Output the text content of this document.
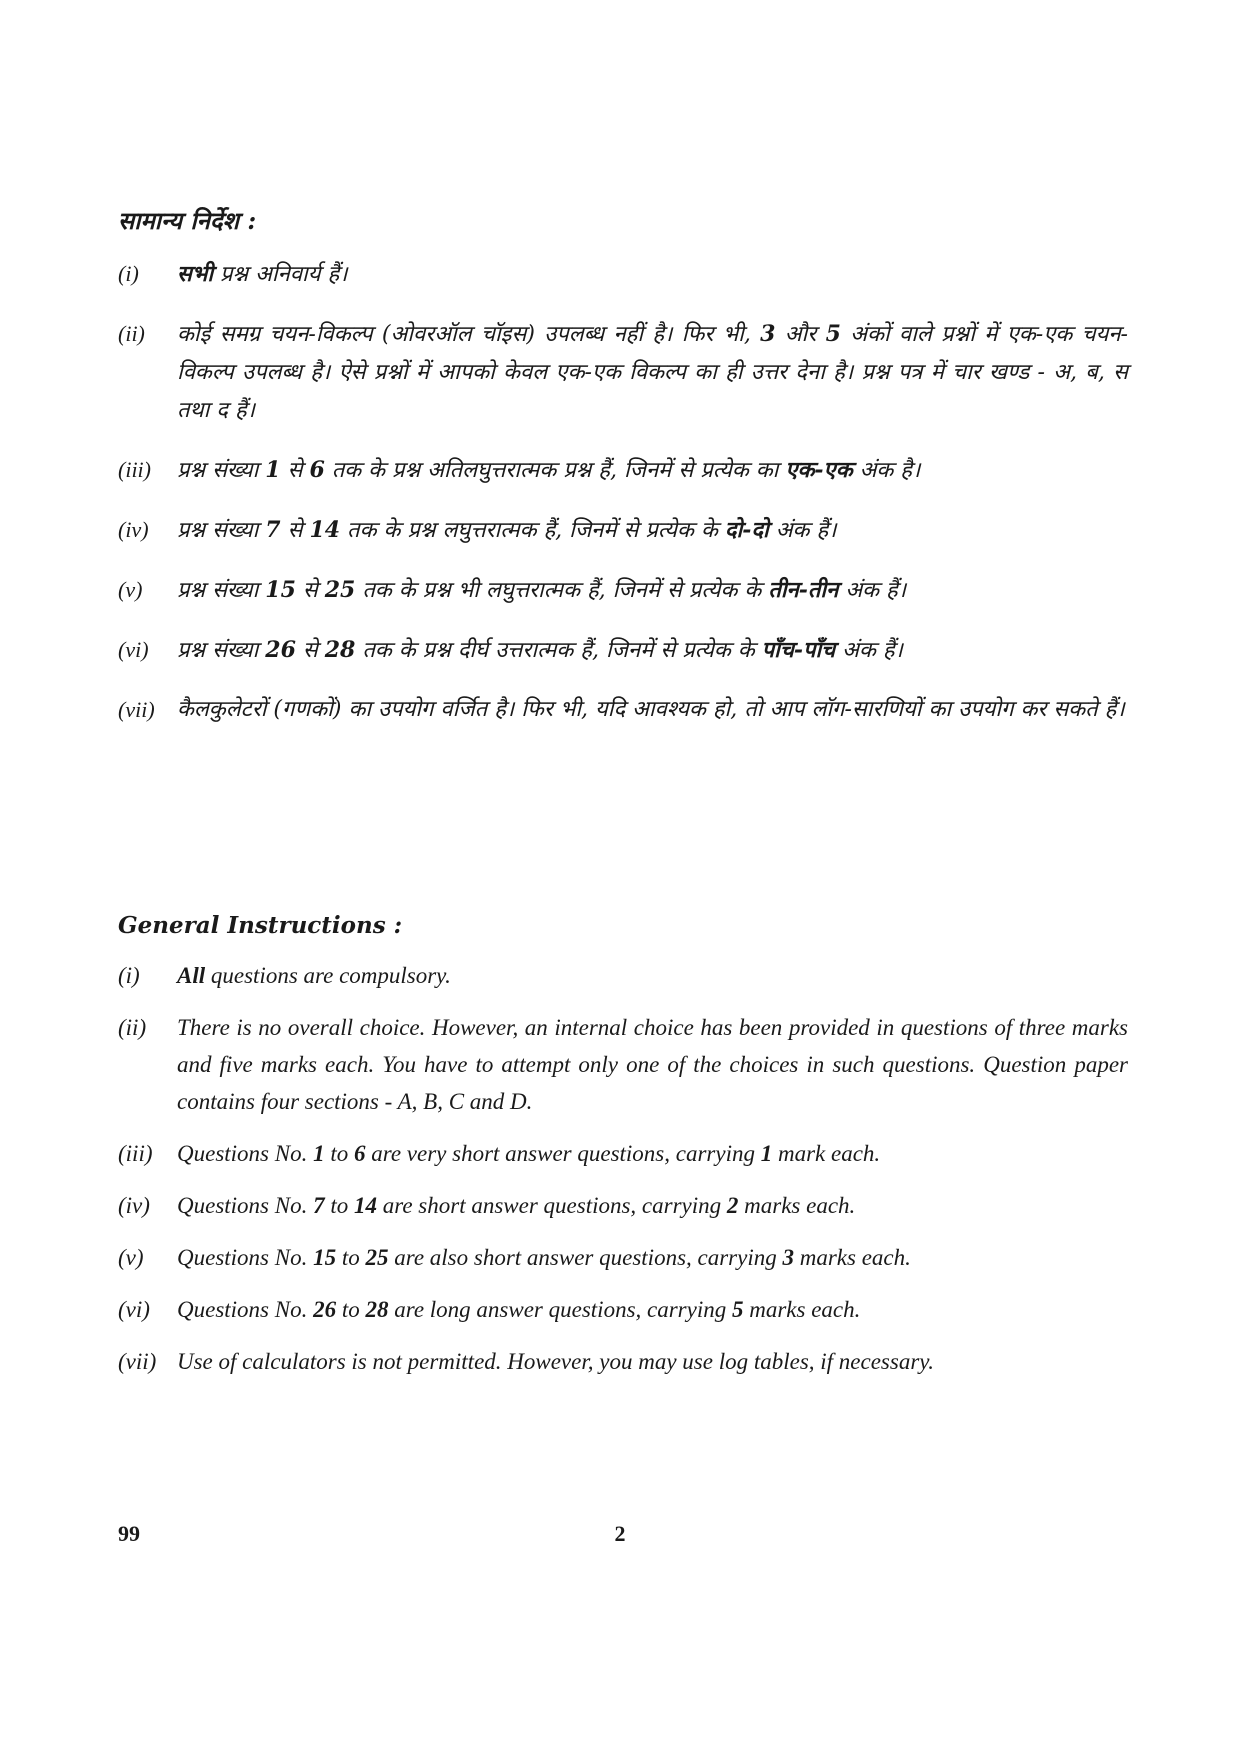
सामान्य निर्देश :
(i)	सभी प्रश्न अनिवार्य हैं।
(ii)	कोई समग्र चयन-विकल्प (ओवरऑल चॉइस) उपलब्ध नहीं है। फिर भी, 3 और 5 अंकों वाले प्रश्नों में एक-एक चयन-विकल्प उपलब्ध है। ऐसे प्रश्नों में आपको केवल एक-एक विकल्प का ही उत्तर देना है। प्रश्न पत्र में चार खण्ड - अ, ब, स तथा द हैं।
(iii)	प्रश्न संख्या 1 से 6 तक के प्रश्न अतिलघुत्तरात्मक प्रश्न हैं, जिनमें से प्रत्येक का एक-एक अंक है।
(iv)	प्रश्न संख्या 7 से 14 तक के प्रश्न लघुत्तरात्मक हैं, जिनमें से प्रत्येक के दो-दो अंक हैं।
(v)	प्रश्न संख्या 15 से 25 तक के प्रश्न भी लघुत्तरात्मक हैं, जिनमें से प्रत्येक के तीन-तीन अंक हैं।
(vi)	प्रश्न संख्या 26 से 28 तक के प्रश्न दीर्घ उत्तरात्मक हैं, जिनमें से प्रत्येक के पाँच-पाँच अंक हैं।
(vii)	कैलकुलेटरों (गणकों) का उपयोग वर्जित है। फिर भी, यदि आवश्यक हो, तो आप लॉग-सारणियों का उपयोग कर सकते हैं।
General Instructions :
(i)	All questions are compulsory.
(ii)	There is no overall choice. However, an internal choice has been provided in questions of three marks and five marks each. You have to attempt only one of the choices in such questions. Question paper contains four sections - A, B, C and D.
(iii)	Questions No. 1 to 6 are very short answer questions, carrying 1 mark each.
(iv)	Questions No. 7 to 14 are short answer questions, carrying 2 marks each.
(v)	Questions No. 15 to 25 are also short answer questions, carrying 3 marks each.
(vi)	Questions No. 26 to 28 are long answer questions, carrying 5 marks each.
(vii) Use of calculators is not permitted. However, you may use log tables, if necessary.
99	2
